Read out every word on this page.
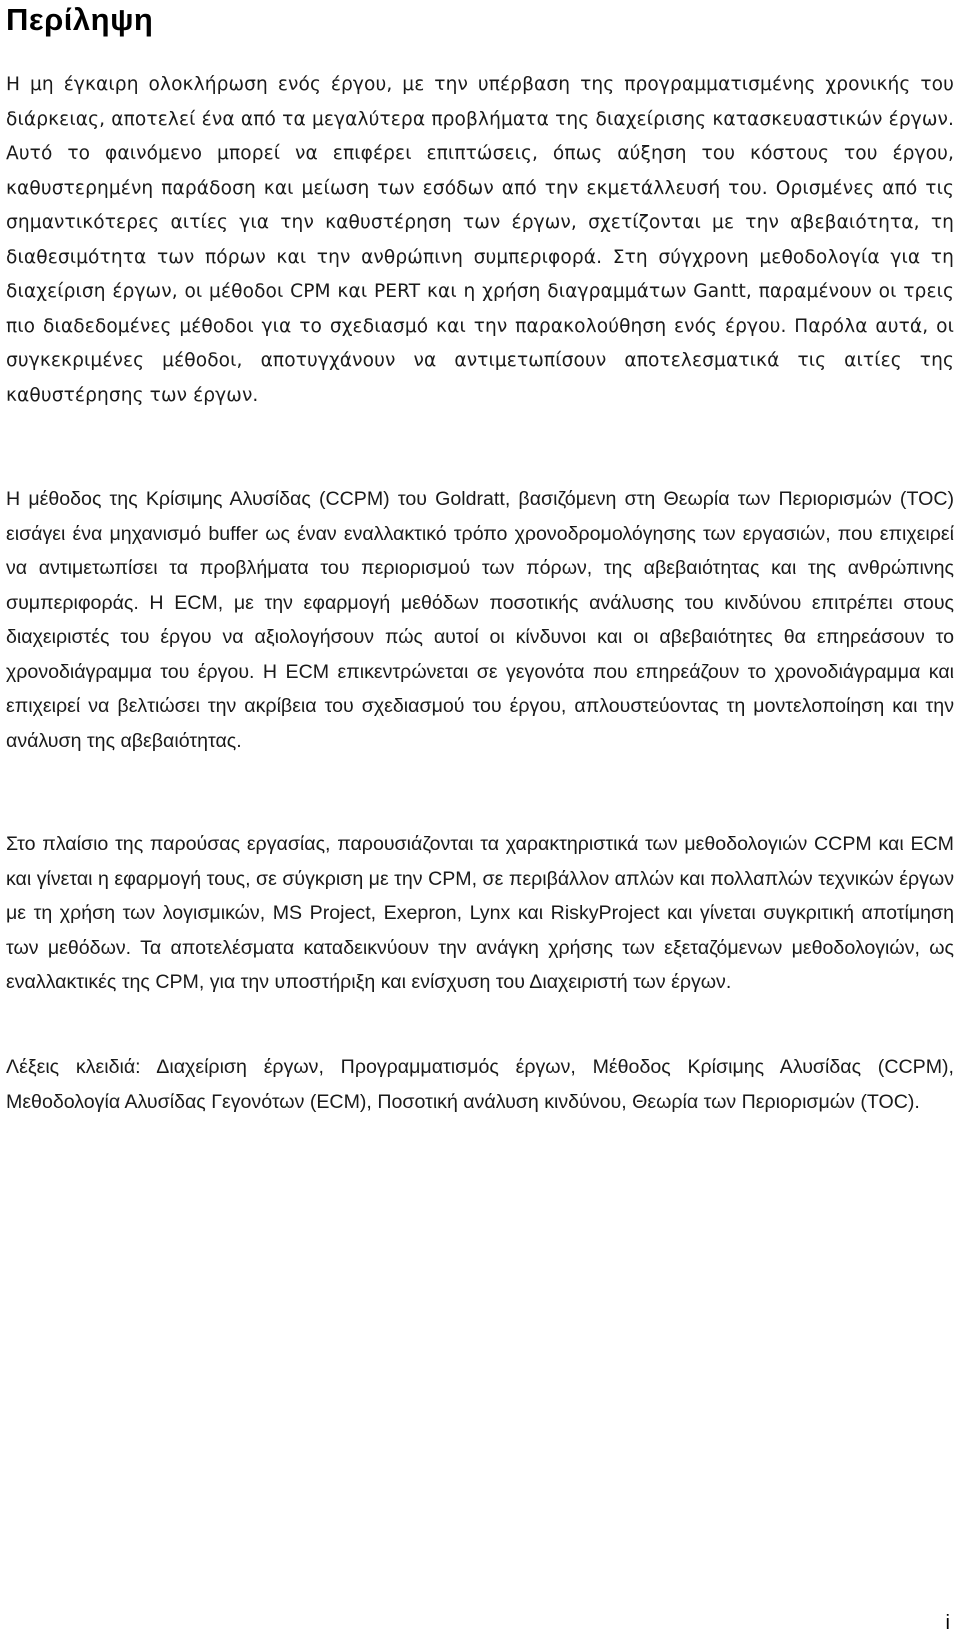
Περίληψη

Η μη έγκαιρη ολοκλήρωση ενός έργου, με την υπέρβαση της προγραμματισμένης χρονικής του διάρκειας, αποτελεί ένα από τα μεγαλύτερα προβλήματα της διαχείρισης κατασκευαστικών έργων. Αυτό το φαινόμενο μπορεί να επιφέρει επιπτώσεις, όπως αύξηση του κόστους του έργου, καθυστερημένη παράδοση και μείωση των εσόδων από την εκμετάλλευσή του. Ορισμένες από τις σημαντικότερες αιτίες για την καθυστέρηση των έργων, σχετίζονται με την αβεβαιότητα, τη διαθεσιμότητα των πόρων και την ανθρώπινη συμπεριφορά. Στη σύγχρονη μεθοδολογία για τη διαχείριση έργων, οι μέθοδοι CPM και PERT και η χρήση διαγραμμάτων Gantt, παραμένουν οι τρεις πιο διαδεδομένες μέθοδοι για το σχεδιασμό και την παρακολούθηση ενός έργου. Παρόλα αυτά, οι συγκεκριμένες μέθοδοι, αποτυγχάνουν να αντιμετωπίσουν αποτελεσματικά τις αιτίες της καθυστέρησης των έργων.

Η μέθοδος της Κρίσιμης Αλυσίδας (CCPM) του Goldratt, βασιζόμενη στη Θεωρία των Περιορισμών (TOC) εισάγει ένα μηχανισμό buffer ως έναν εναλλακτικό τρόπο χρονοδρομολόγησης των εργασιών, που επιχειρεί να αντιμετωπίσει τα προβλήματα του περιορισμού των πόρων, της αβεβαιότητας και της ανθρώπινης συμπεριφοράς. Η ECM, με την εφαρμογή μεθόδων ποσοτικής ανάλυσης του κινδύνου επιτρέπει στους διαχειριστές του έργου να αξιολογήσουν πώς αυτοί οι κίνδυνοι και οι αβεβαιότητες θα επηρεάσουν το χρονοδιάγραμμα του έργου. Η ECM επικεντρώνεται σε γεγονότα που επηρεάζουν το χρονοδιάγραμμα και επιχειρεί να βελτιώσει την ακρίβεια του σχεδιασμού του έργου, απλουστεύοντας τη μοντελοποίηση και την ανάλυση της αβεβαιότητας.

Στο πλαίσιο της παρούσας εργασίας, παρουσιάζονται τα χαρακτηριστικά των μεθοδολογιών CCPM και ECM και γίνεται η εφαρμογή τους, σε σύγκριση με την CPM, σε περιβάλλον απλών και πολλαπλών τεχνικών έργων με τη χρήση των λογισμικών, MS Project, Exepron, Lynx και RiskyProject και γίνεται συγκριτική αποτίμηση των μεθόδων. Τα αποτελέσματα καταδεικνύουν την ανάγκη χρήσης των εξεταζόμενων μεθοδολογιών, ως εναλλακτικές της CPM, για την υποστήριξη και ενίσχυση του Διαχειριστή των έργων.

Λέξεις κλειδιά: Διαχείριση έργων, Προγραμματισμός έργων, Μέθοδος Κρίσιμης Αλυσίδας (CCPM), Μεθοδολογία Αλυσίδας Γεγονότων (ECM), Ποσοτική ανάλυση κινδύνου, Θεωρία των Περιορισμών (TOC).

i
